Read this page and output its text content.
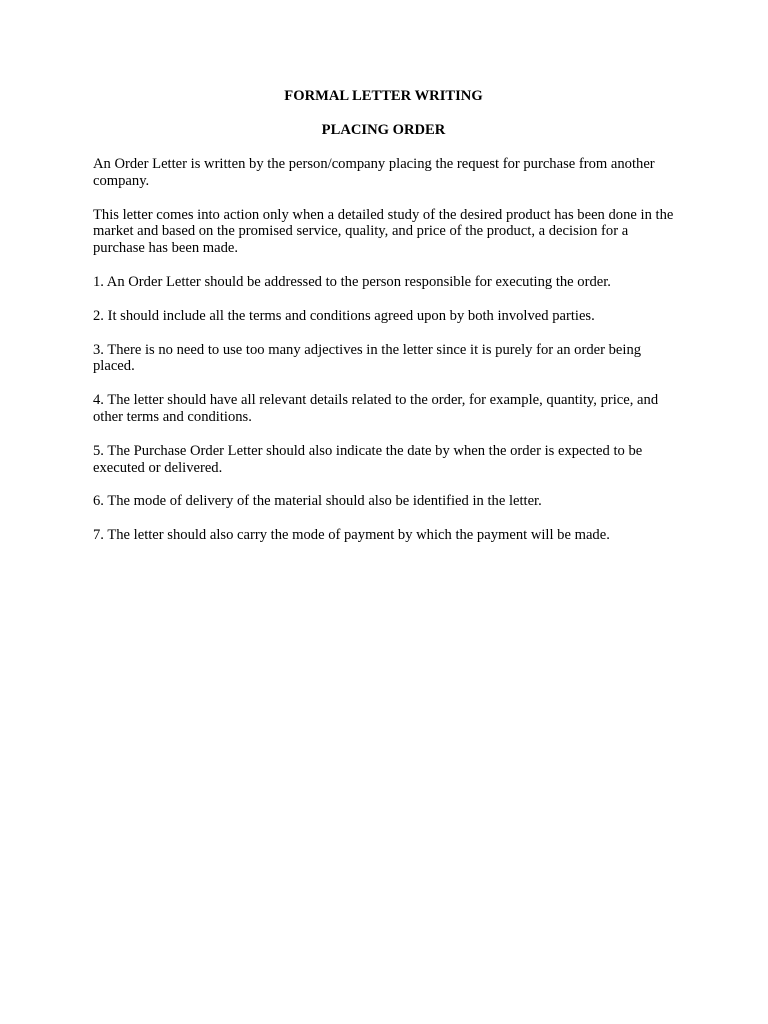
FORMAL LETTER WRITING
PLACING ORDER

An Order Letter is written by the person/company placing the request for purchase from another company.

This letter comes into action only when a detailed study of the desired product has been done in the market and based on the promised service, quality, and price of the product, a decision for a purchase has been made.

1. An Order Letter should be addressed to the person responsible for executing the order.

2. It should include all the terms and conditions agreed upon by both involved parties.

3. There is no need to use too many adjectives in the letter since it is purely for an order being placed.

4. The letter should have all relevant details related to the order, for example, quantity, price, and other terms and conditions.

5. The Purchase Order Letter should also indicate the date by when the order is expected to be executed or delivered.

6. The mode of delivery of the material should also be identified in the letter.

7. The letter should also carry the mode of payment by which the payment will be made.
